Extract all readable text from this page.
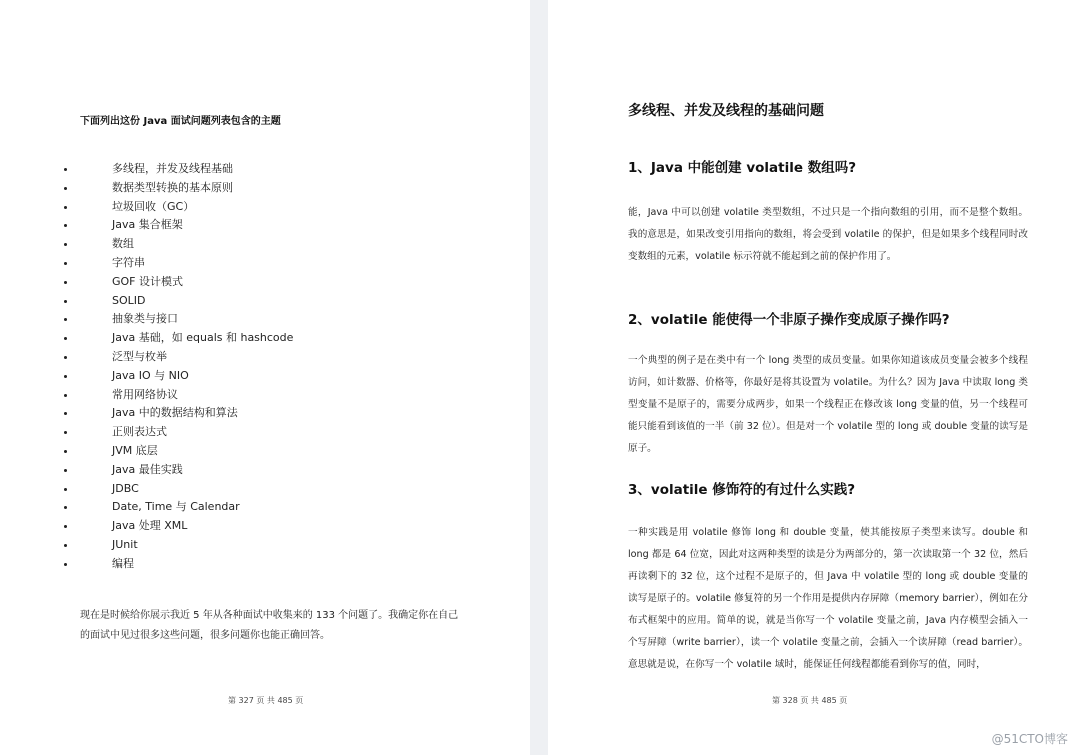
下面列出这份 Java 面试问题列表包含的主题
多线程，并发及线程基础
数据类型转换的基本原则
垃圾回收（GC）
Java 集合框架
数组
字符串
GOF 设计模式
SOLID
抽象类与接口
Java 基础，如 equals 和 hashcode
泛型与枚举
Java IO 与 NIO
常用网络协议
Java 中的数据结构和算法
正则表达式
JVM 底层
Java 最佳实践
JDBC
Date, Time 与 Calendar
Java 处理 XML
JUnit
编程
现在是时候给你展示我近 5 年从各种面试中收集来的 133 个问题了。我确定你在自己的面试中见过很多这些问题，很多问题你也能正确回答。
第 327 页 共 485 页
多线程、并发及线程的基础问题
1、Java 中能创建 volatile 数组吗?
能，Java 中可以创建 volatile 类型数组，不过只是一个指向数组的引用，而不是整个数组。我的意思是，如果改变引用指向的数组，将会受到 volatile 的保护，但是如果多个线程同时改变数组的元素，volatile 标示符就不能起到之前的保护作用了。
2、volatile 能使得一个非原子操作变成原子操作吗?
一个典型的例子是在类中有一个 long 类型的成员变量。如果你知道该成员变量会被多个线程访问，如计数器、价格等，你最好是将其设置为 volatile。为什么？因为 Java 中读取 long 类型变量不是原子的，需要分成两步，如果一个线程正在修改该 long 变量的值，另一个线程可能只能看到该值的一半（前 32 位）。但是对一个 volatile 型的 long 或 double 变量的读写是原子。
3、volatile 修饰符的有过什么实践?
一种实践是用 volatile 修饰 long 和 double 变量，使其能按原子类型来读写。double 和 long 都是 64 位宽，因此对这两种类型的读是分为两部分的，第一次读取第一个 32 位，然后再读剩下的 32 位，这个过程不是原子的，但 Java 中 volatile 型的 long 或 double 变量的读写是原子的。volatile 修复符的另一个作用是提供内存屏障（memory barrier），例如在分布式框架中的应用。简单的说，就是当你写一个 volatile 变量之前，Java 内存模型会插入一个写屏障（write barrier），读一个 volatile 变量之前，会插入一个读屏障（read barrier）。意思就是说，在你写一个 volatile 域时，能保证任何线程都能看到你写的值，同时，
第 328 页 共 485 页
@51CTO博客
